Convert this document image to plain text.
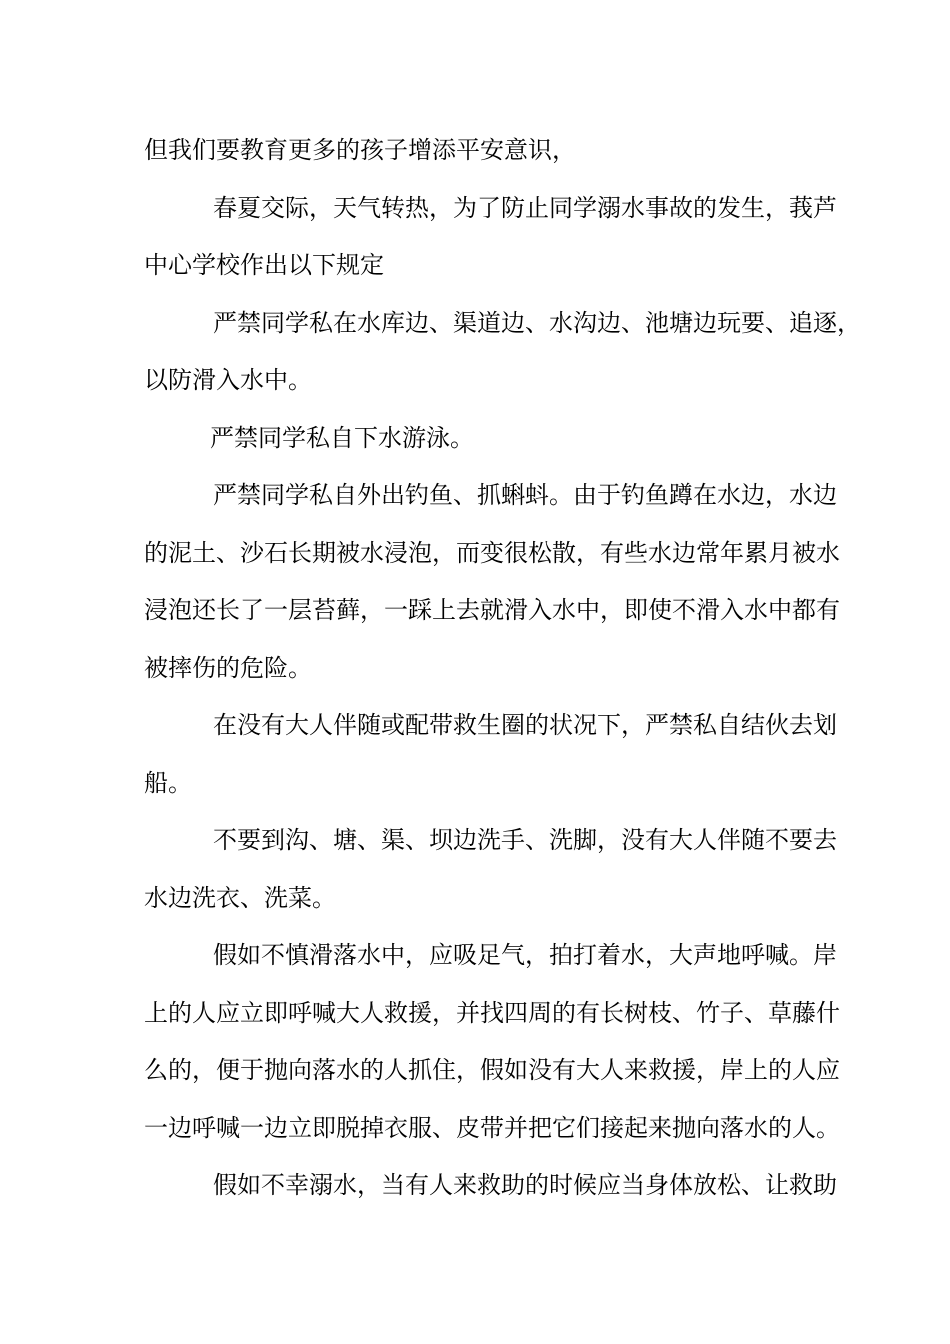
但我们要教育更多的孩子增添平安意识，
春夏交际，天气转热，为了防止同学溺水事故的发生，莪芦
中心学校作出以下规定
严禁同学私在水库边、渠道边、水沟边、池塘边玩要、追逐，
以防滑入水中。
严禁同学私自下水游泳。
严禁同学私自外出钓鱼、抓蝌蚪。由于钓鱼蹲在水边，水边
的泥土、沙石长期被水浸泡，而变很松散，有些水边常年累月被水
浸泡还长了一层苔藓，一踩上去就滑入水中，即使不滑入水中都有
被摔伤的危险。
在没有大人伴随或配带救生圈的状况下，严禁私自结伙去划
船。
不要到沟、塘、渠、坝边洗手、洗脚，没有大人伴随不要去
水边洗衣、洗菜。
假如不慎滑落水中，应吸足气，拍打着水，大声地呼喊。岸
上的人应立即呼喊大人救援，并找四周的有长树枝、竹子、草藤什
么的，便于抛向落水的人抓住，假如没有大人来救援，岸上的人应
一边呼喊一边立即脱掉衣服、皮带并把它们接起来抛向落水的人。
假如不幸溺水，当有人来救助的时候应当身体放松、让救助
